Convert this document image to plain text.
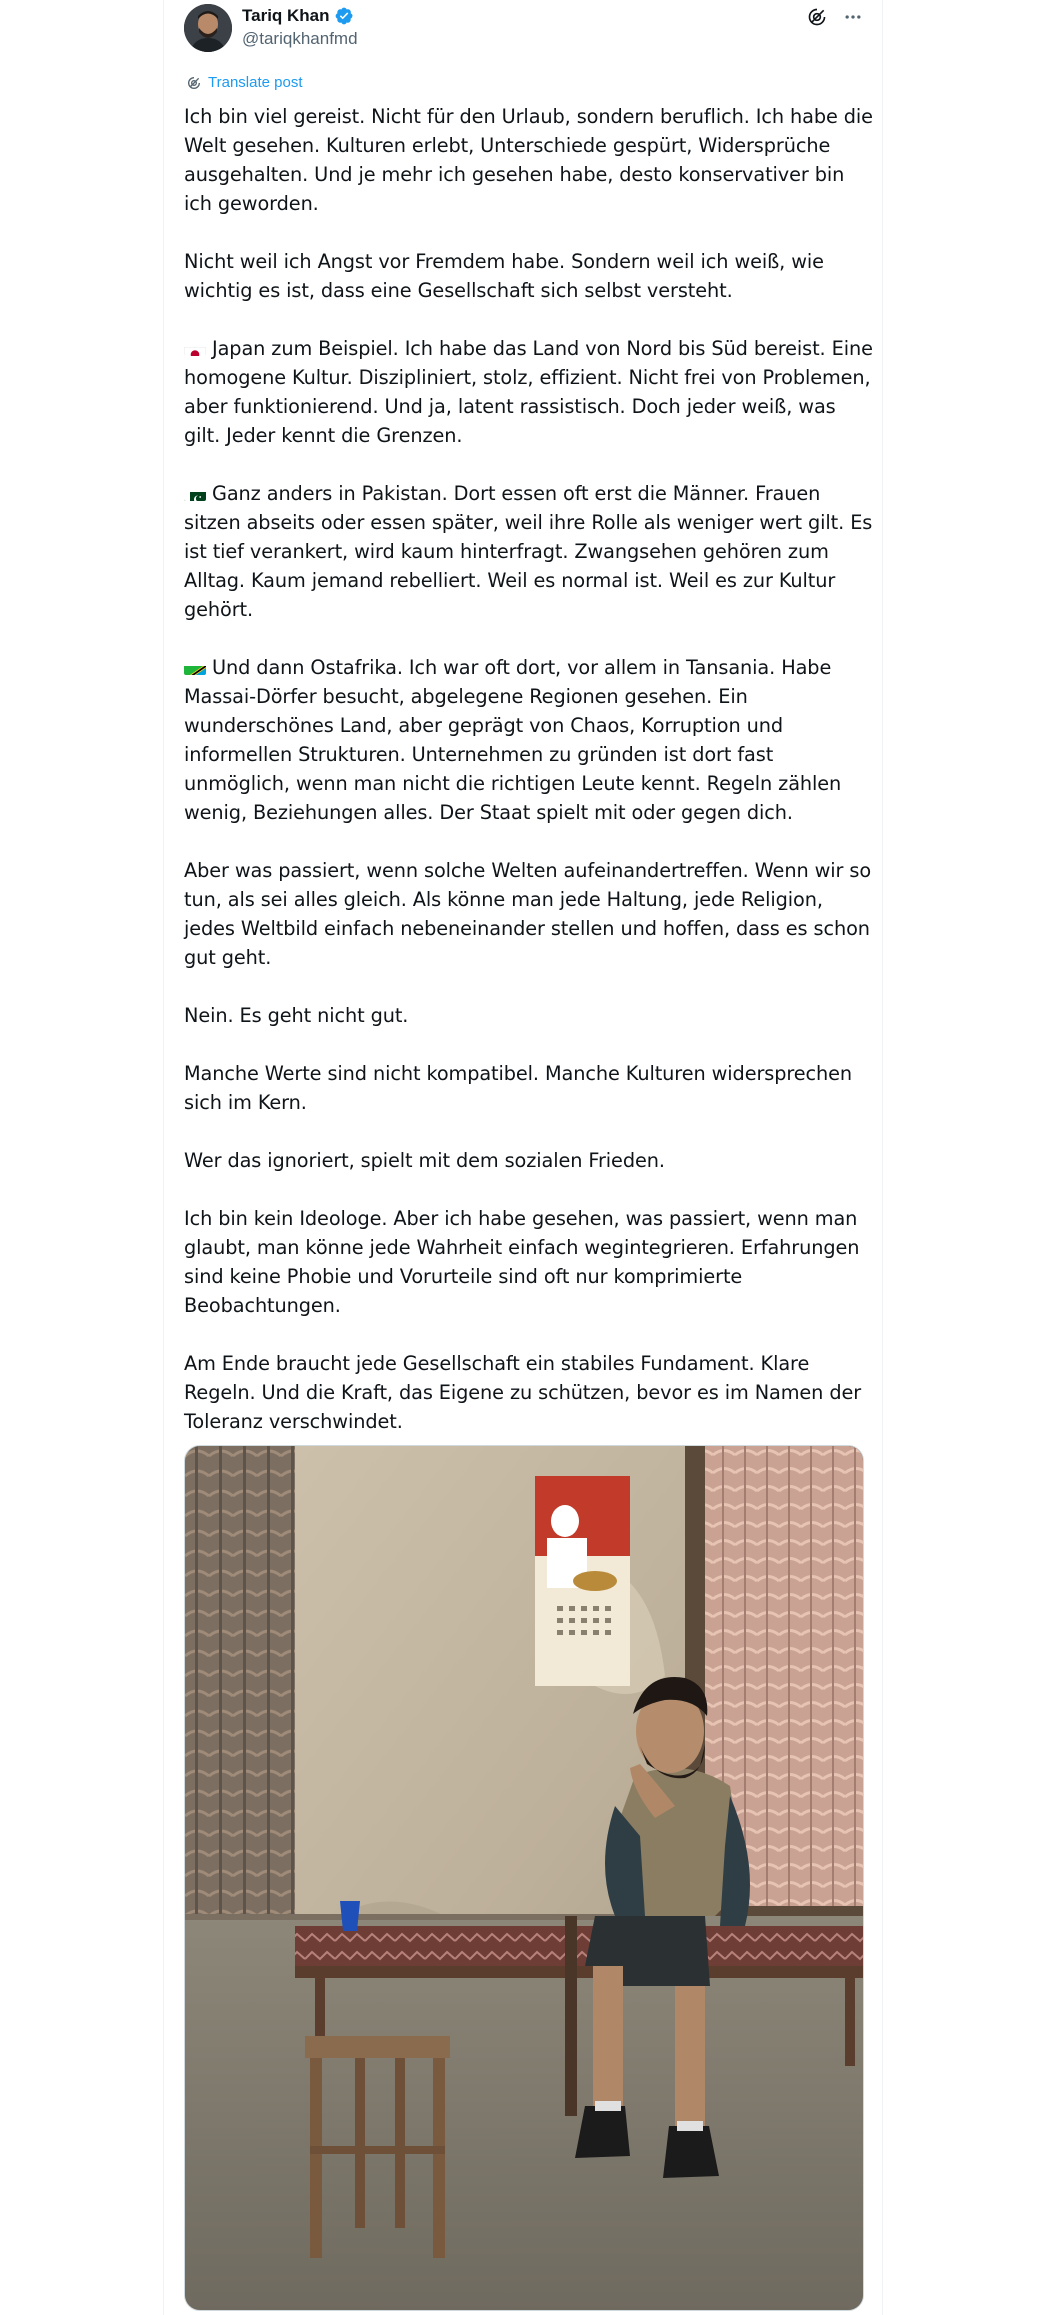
Tariq Khan
@tariqkhanfmd
Translate post

Ich bin viel gereist. Nicht für den Urlaub, sondern beruflich. Ich habe die Welt gesehen. Kulturen erlebt, Unterschiede gespürt, Widersprüche ausgehalten. Und je mehr ich gesehen habe, desto konservativer bin ich geworden.

Nicht weil ich Angst vor Fremdem habe. Sondern weil ich weiß, wie wichtig es ist, dass eine Gesellschaft sich selbst versteht.

Japan zum Beispiel. Ich habe das Land von Nord bis Süd bereist. Eine homogene Kultur. Diszipliniert, stolz, effizient. Nicht frei von Problemen, aber funktionierend. Und ja, latent rassistisch. Doch jeder weiß, was gilt. Jeder kennt die Grenzen.

Ganz anders in Pakistan. Dort essen oft erst die Männer. Frauen sitzen abseits oder essen später, weil ihre Rolle als weniger wert gilt. Es ist tief verankert, wird kaum hinterfragt. Zwangsehen gehören zum Alltag. Kaum jemand rebelliert. Weil es normal ist. Weil es zur Kultur gehört.

Und dann Ostafrika. Ich war oft dort, vor allem in Tansania. Habe Massai-Dörfer besucht, abgelegene Regionen gesehen. Ein wunderschönes Land, aber geprägt von Chaos, Korruption und informellen Strukturen. Unternehmen zu gründen ist dort fast unmöglich, wenn man nicht die richtigen Leute kennt. Regeln zählen wenig, Beziehungen alles. Der Staat spielt mit oder gegen dich.

Aber was passiert, wenn solche Welten aufeinandertreffen. Wenn wir so tun, als sei alles gleich. Als könne man jede Haltung, jede Religion, jedes Weltbild einfach nebeneinander stellen und hoffen, dass es schon gut geht.

Nein. Es geht nicht gut.

Manche Werte sind nicht kompatibel. Manche Kulturen widersprechen sich im Kern.

Wer das ignoriert, spielt mit dem sozialen Frieden.

Ich bin kein Ideologe. Aber ich habe gesehen, was passiert, wenn man glaubt, man könne jede Wahrheit einfach wegintegrieren. Erfahrungen sind keine Phobie und Vorurteile sind oft nur komprimierte Beobachtungen.

Am Ende braucht jede Gesellschaft ein stabiles Fundament. Klare Regeln. Und die Kraft, das Eigene zu schützen, bevor es im Namen der Toleranz verschwindet.
